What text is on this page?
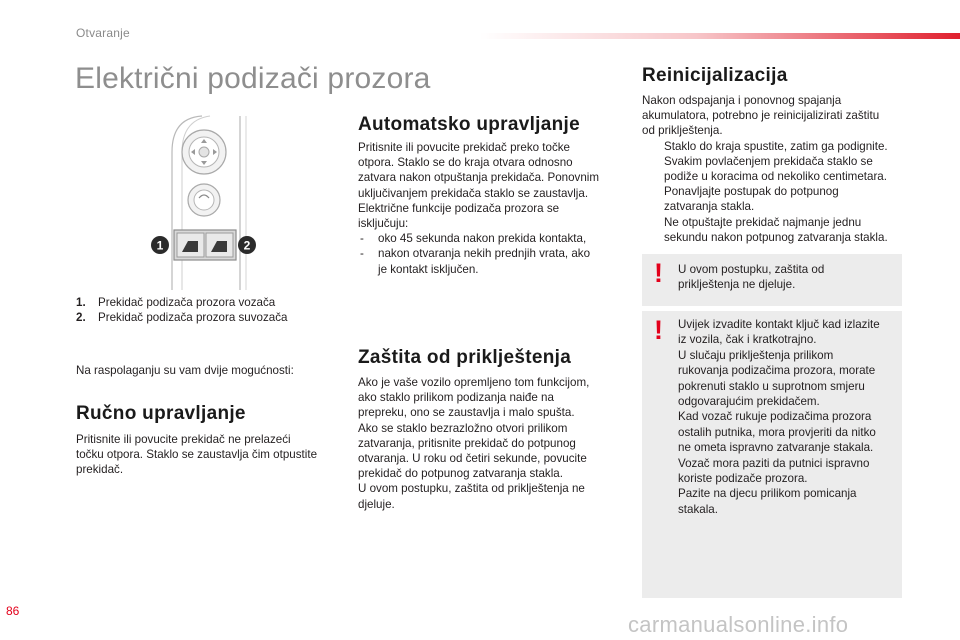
Otvaranje
Električni podizači prozora
1	2
1. Prekidač podizača prozora vozača
2. Prekidač podizača prozora suvozača
Na raspolaganju su vam dvije mogućnosti:
Ručno upravljanje

Pritisnite ili povucite prekidač ne prelazeći

točku otpora. Staklo se zaustavlja čim otpustite

prekidač.

Automatsko upravljanje

Pritisnite ili povucite prekidač preko točke

otpora. Staklo se do kraja otvara odnosno

zatvara nakon otpuštanja prekidača. Ponovnim

uključivanjem prekidača staklo se zaustavlja.

Električne funkcije podizača prozora se

isključuju:

- oko 45 sekunda nakon prekida kontakta,
- nakon otvaranja nekih prednjih vrata, ako
je kontakt isključen.
Zaštita od priklještenja

Ako je vaše vozilo opremljeno tom funkcijom,

ako staklo prilikom podizanja naiđe na

prepreku, ono se zaustavlja i malo spušta.

Ako se staklo bezrazložno otvori prilikom

zatvaranja, pritisnite prekidač do potpunog

otvaranja. U roku od četiri sekunde, povucite

prekidač do potpunog zatvaranja stakla.

U ovom postupku, zaštita od priklještenja ne

djeluje.

Reinicijalizacija

Nakon odspajanja i ponovnog spajanja

akumulatora, potrebno je reinicijalizirati zaštitu

od priklještenja.

Staklo do kraja spustite, zatim ga podignite.
Svakim povlačenjem prekidača staklo se
podiže u koracima od nekoliko centimetara.
Ponavljajte postupak do potpunog
zatvaranja stakla.
Ne otpuštajte prekidač najmanje jednu
sekundu nakon potpunog zatvaranja stakla.
! U ovom postupku, zaštita od

priklještenja ne djeluje.

! Uvijek izvadite kontakt ključ kad izlazite

iz vozila, čak i kratkotrajno.

U slučaju priklještenja prilikom

rukovanja podizačima prozora, morate

pokrenuti staklo u suprotnom smjeru

odgovarajućim prekidačem.

Kad vozač rukuje podizačima prozora

ostalih putnika, mora provjeriti da nitko

ne ometa ispravno zatvaranje stakala.

Vozač mora paziti da putnici ispravno

koriste podizače prozora.

Pazite na djecu prilikom pomicanja

stakala.

86
carmanualsonline.info
